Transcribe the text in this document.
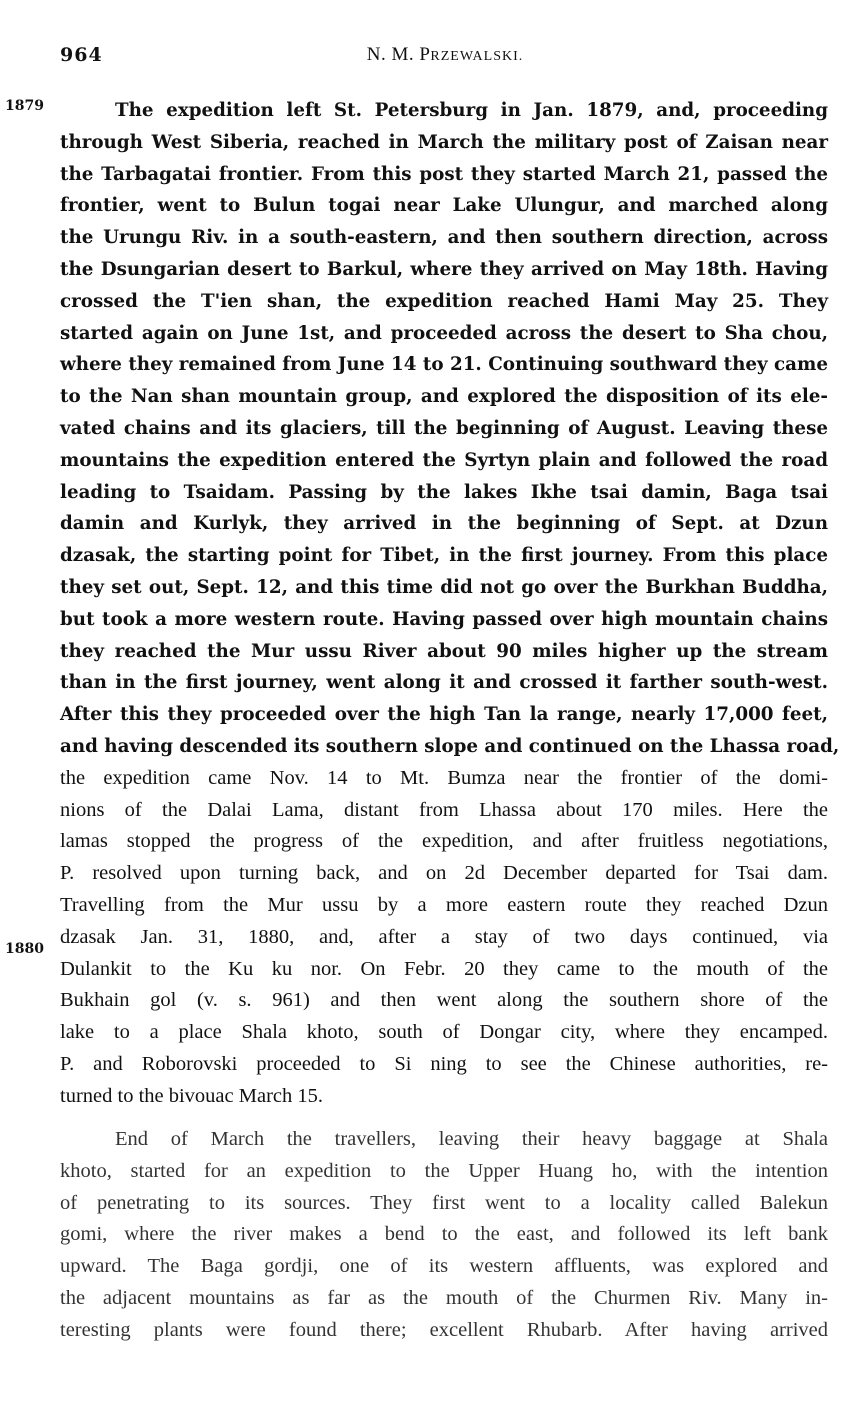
964	N. M. PRZEWALSKI.
1879
1880
The expedition left St. Petersburg in Jan. 1879, and, proceeding
through West Siberia, reached in March the military post of Zaisan near
the Tarbagatai frontier. From this post they started March 21, passed the
frontier, went to Bulun togai near Lake Ulungur, and marched along
the Urungu Riv. in a south-eastern, and then southern direction, across
the Dsungarian desert to Barkul, where they arrived on May 18th. Having
crossed the T'ien shan, the expedition reached Hami May 25. They
started again on June 1st, and proceeded across the desert to Sha chou,
where they remained from June 14 to 21. Continuing southward they came
to the Nan shan mountain group, and explored the disposition of its ele-
vated chains and its glaciers, till the beginning of August. Leaving these
mountains the expedition entered the Syrtyn plain and followed the road
leading to Tsaidam. Passing by the lakes Ikhe tsai damin, Baga tsai
damin and Kurlyk, they arrived in the beginning of Sept. at Dzun
dzasak, the starting point for Tibet, in the first journey. From this place
they set out, Sept. 12, and this time did not go over the Burkhan Buddha,
but took a more western route. Having passed over high mountain chains
they reached the Mur ussu River about 90 miles higher up the stream
than in the first journey, went along it and crossed it farther south-west.
After this they proceeded over the high Tan la range, nearly 17,000 feet,
and having descended its southern slope and continued on the Lhassa road,
the expedition came Nov. 14 to Mt. Bumza near the frontier of the domi-
nions of the Dalai Lama, distant from Lhassa about 170 miles. Here the
lamas stopped the progress of the expedition, and after fruitless negotiations,
P. resolved upon turning back, and on 2d December departed for Tsai dam.
Travelling from the Mur ussu by a more eastern route they reached Dzun
dzasak Jan. 31, 1880, and, after a stay of two days continued, via
Dulankit to the Ku ku nor. On Febr. 20 they came to the mouth of the
Bukhain gol (v. s. 961) and then went along the southern shore of the
lake to a place Shala khoto, south of Dongar city, where they encamped.
P. and Roborovski proceeded to Si ning to see the Chinese authorities, re-
turned to the bivouac March 15.
End of March the travellers, leaving their heavy baggage at Shala
khoto, started for an expedition to the Upper Huang ho, with the intention
of penetrating to its sources. They first went to a locality called Balekun
gomi, where the river makes a bend to the east, and followed its left bank
upward. The Baga gordji, one of its western affluents, was explored and
the adjacent mountains as far as the mouth of the Churmen Riv. Many in-
teresting plants were found there; excellent Rhubarb. After having arrived
